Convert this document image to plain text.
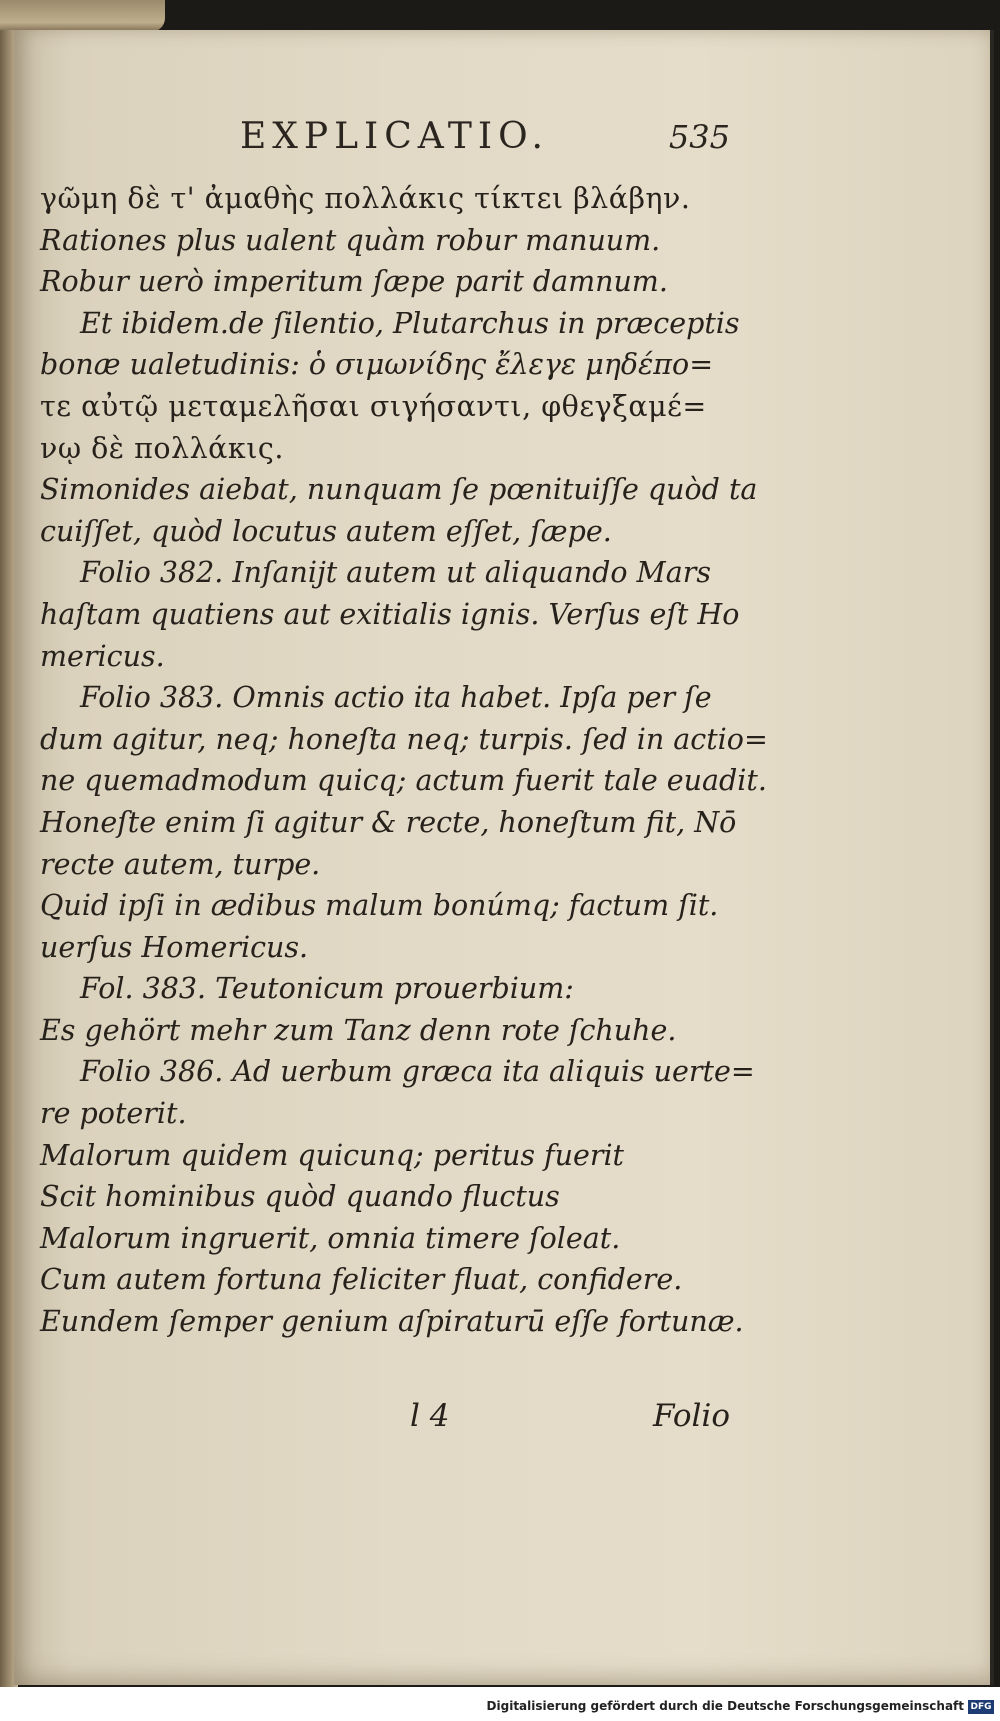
EXPLICATIO.	535
γῶμη δὲ τ' ἀμαθὴς πολλάκις τίκτει βλάβην.
Rationes plus ualent quàm robur manuum.
Robur uerò imperitum ſæpe parit damnum.
Et ibidem.de ſilentio, Plutarchus in præceptis
bonæ ualetudinis: ὁ σιμωνίδης ἔλεγε μηδέπο=
τε αὐτῷ μεταμελῆσαι σιγήσαντι, φθεγξαμέ=
νῳ δὲ πολλάκις.
Simonides aiebat, nunquam ſe pœnituiſſe quòd ta
cuiſſet, quòd locutus autem eſſet, ſæpe.
Folio 382. Inſanijt autem ut aliquando Mars
haſtam quatiens aut exitialis ignis. Verſus eſt Ho
mericus.
Folio 383. Omnis actio ita habet. Ipſa per ſe
dum agitur, neq; honeſta neq; turpis. ſed in actio=
ne quemadmodum quicq; actum fuerit tale euadit.
Honeſte enim ſi agitur & recte, honeſtum fit, Nō
recte autem, turpe.
Quid ipſi in ædibus malum bonúmq; factum ſit.
uerſus Homericus.
Fol. 383. Teutonicum prouerbium:
Es gehört mehr zum Tanz denn rote ſchuhe.
Folio 386. Ad uerbum græca ita aliquis uerte=
re poterit.
Malorum quidem quicunq; peritus fuerit
Scit hominibus quòd quando fluctus
Malorum ingruerit, omnia timere ſoleat.
Cum autem fortuna feliciter fluat, confidere.
Eundem ſemper genium aſpiraturū eſſe fortunæ.
l 4	Folio
Digitalisierung gefördert durch die Deutsche Forschungsgemeinschaft DFG
